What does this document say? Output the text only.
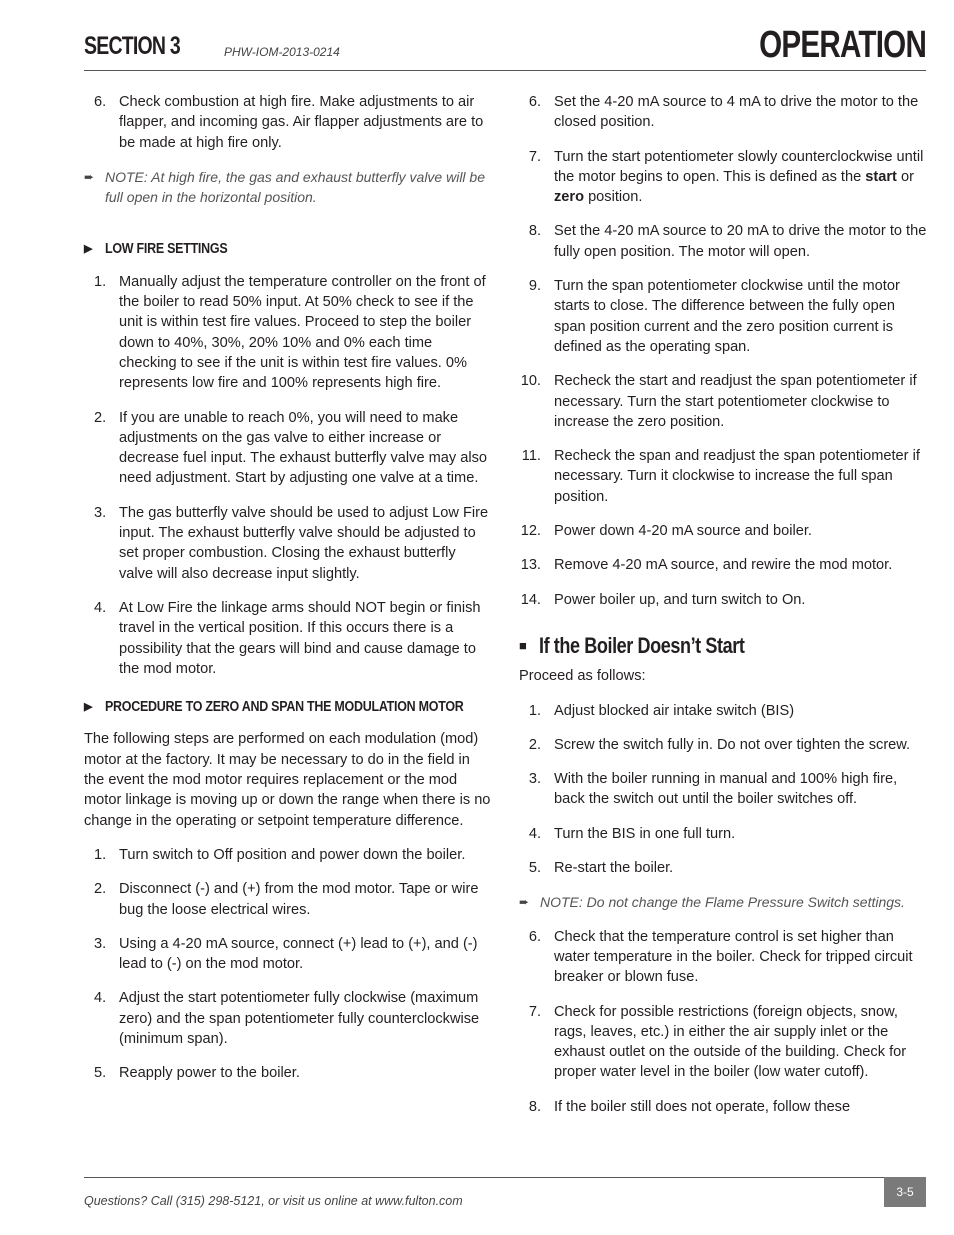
SECTION 3	PHW-IOM-2013-0214	OPERATION
6. Check combustion at high fire. Make adjustments to air flapper, and incoming gas. Air flapper adjustments are to be made at high fire only.
➨ NOTE: At high fire, the gas and exhaust butterfly valve will be full open in the horizontal position.
▶ LOW FIRE SETTINGS
1. Manually adjust the temperature controller on the front of the boiler to read 50% input. At 50% check to see if the unit is within test fire values. Proceed to step the boiler down to 40%, 30%, 20% 10% and 0% each time checking to see if the unit is within test fire values. 0% represents low fire and 100% represents high fire.
2. If you are unable to reach 0%, you will need to make adjustments on the gas valve to either increase or decrease fuel input. The exhaust butterfly valve may also need adjustment. Start by adjusting one valve at a time.
3. The gas butterfly valve should be used to adjust Low Fire input. The exhaust butterfly valve should be adjusted to set proper combustion. Closing the exhaust butterfly valve will also decrease input slightly.
4. At Low Fire the linkage arms should NOT begin or finish travel in the vertical position. If this occurs there is a possibility that the gears will bind and cause damage to the mod motor.
▶ PROCEDURE TO ZERO AND SPAN THE MODULATION MOTOR
The following steps are performed on each modulation (mod) motor at the factory. It may be necessary to do in the field in the event the mod motor requires replacement or the mod motor linkage is moving up or down the range when there is no change in the operating or setpoint temperature difference.
1. Turn switch to Off position and power down the boiler.
2. Disconnect (-) and (+) from the mod motor. Tape or wire bug the loose electrical wires.
3. Using a 4-20 mA source, connect (+) lead to (+), and (-) lead to (-) on the mod motor.
4. Adjust the start potentiometer fully clockwise (maximum zero) and the span potentiometer fully counterclockwise (minimum span).
5. Reapply power to the boiler.
6. Set the 4-20 mA source to 4 mA to drive the motor to the closed position.
7. Turn the start potentiometer slowly counterclockwise until the motor begins to open. This is defined as the start or zero position.
8. Set the 4-20 mA source to 20 mA to drive the motor to the fully open position. The motor will open.
9. Turn the span potentiometer clockwise until the motor starts to close. The difference between the fully open span position current and the zero position current is defined as the operating span.
10. Recheck the start and readjust the span potentiometer if necessary. Turn the start potentiometer clockwise to increase the zero position.
11. Recheck the span and readjust the span potentiometer if necessary. Turn it clockwise to increase the full span position.
12. Power down 4-20 mA source and boiler.
13. Remove 4-20 mA source, and rewire the mod motor.
14. Power boiler up, and turn switch to On.
■ If the Boiler Doesn’t Start
Proceed as follows:
1. Adjust blocked air intake switch (BIS)
2. Screw the switch fully in. Do not over tighten the screw.
3. With the boiler running in manual and 100% high fire, back the switch out until the boiler switches off.
4. Turn the BIS in one full turn.
5. Re-start the boiler.
➨ NOTE: Do not change the Flame Pressure Switch settings.
6. Check that the temperature control is set higher than water temperature in the boiler. Check for tripped circuit breaker or blown fuse.
7. Check for possible restrictions (foreign objects, snow, rags, leaves, etc.) in either the air supply inlet or the exhaust outlet on the outside of the building. Check for proper water level in the boiler (low water cutoff).
8. If the boiler still does not operate, follow these
Questions? Call (315) 298-5121, or visit us online at www.fulton.com
3-5
